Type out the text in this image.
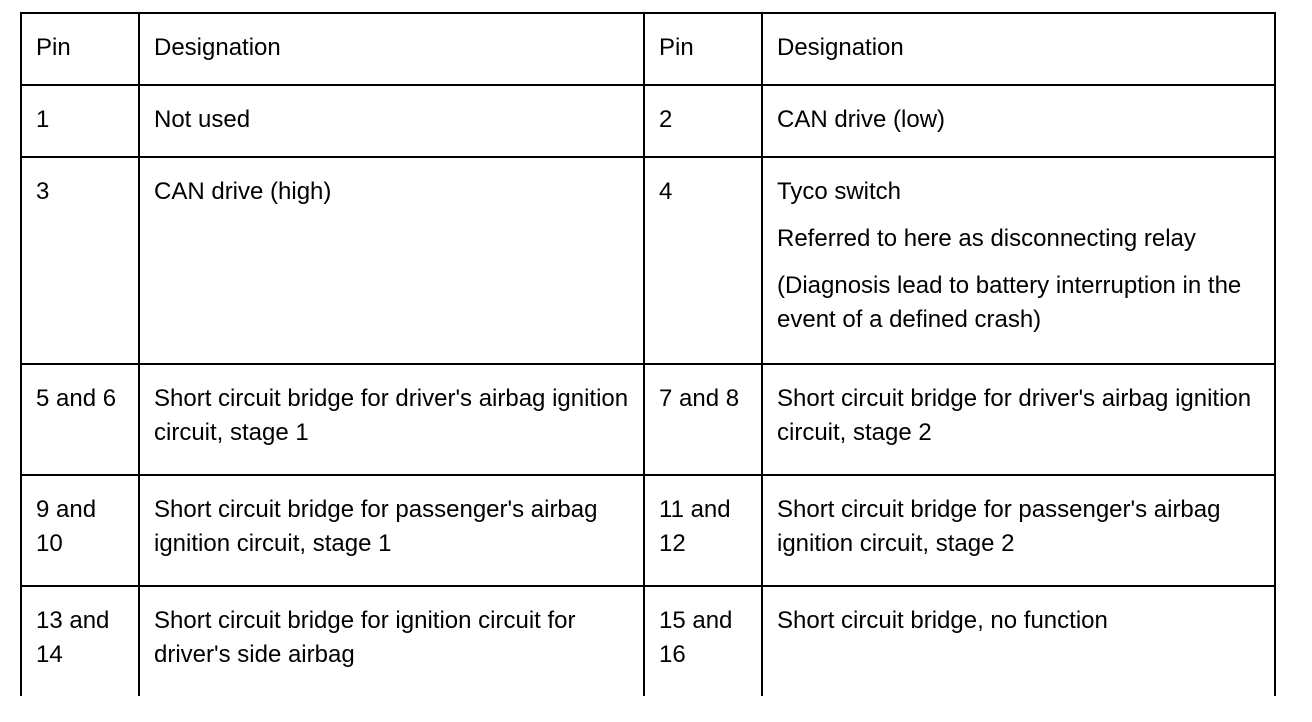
Pin	Designation	Pin	Designation
1	Not used	2	CAN drive (low)
3	CAN drive (high)	4	Tyco switch
Referred to here as disconnecting relay
(Diagnosis lead to battery interruption in the event of a defined crash)

5 and 6	Short circuit bridge for driver's airbag ignition circuit, stage 1	7 and 8	Short circuit bridge for driver's airbag ignition circuit, stage 2
9 and 10	Short circuit bridge for passenger's airbag ignition circuit, stage 1	11 and 12	Short circuit bridge for passenger's airbag ignition circuit, stage 2
13 and 14	Short circuit bridge for ignition circuit for driver's side airbag	15 and 16	Short circuit bridge, no function
